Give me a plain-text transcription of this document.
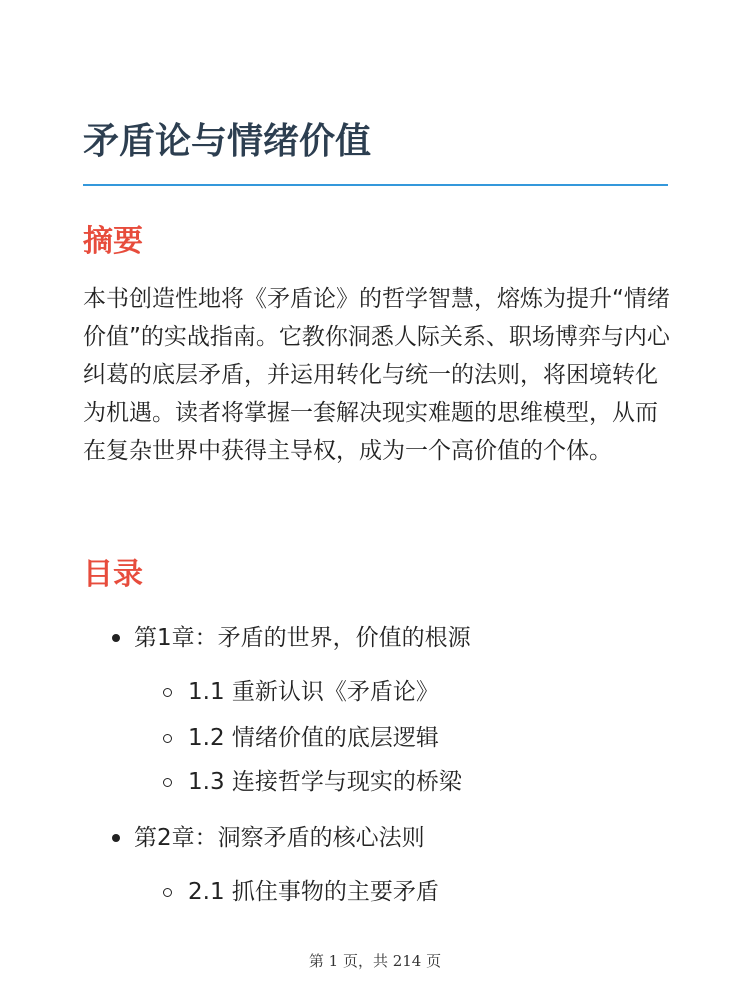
矛盾论与情绪价值
摘要

本书创造性地将《矛盾论》的哲学智慧，熔炼为提升“情绪价值”的实战指南。它教你洞悉人际关系、职场博弈与内心纠葛的底层矛盾，并运用转化与统一的法则，将困境转化为机遇。读者将掌握一套解决现实难题的思维模型，从而在复杂世界中获得主导权，成为一个高价值的个体。

目录
第1章：矛盾的世界，价值的根源
1.1 重新认识《矛盾论》
1.2 情绪价值的底层逻辑
1.3 连接哲学与现实的桥梁
第2章：洞察矛盾的核心法则
2.1 抓住事物的主要矛盾
第 1 页，共 214 页
